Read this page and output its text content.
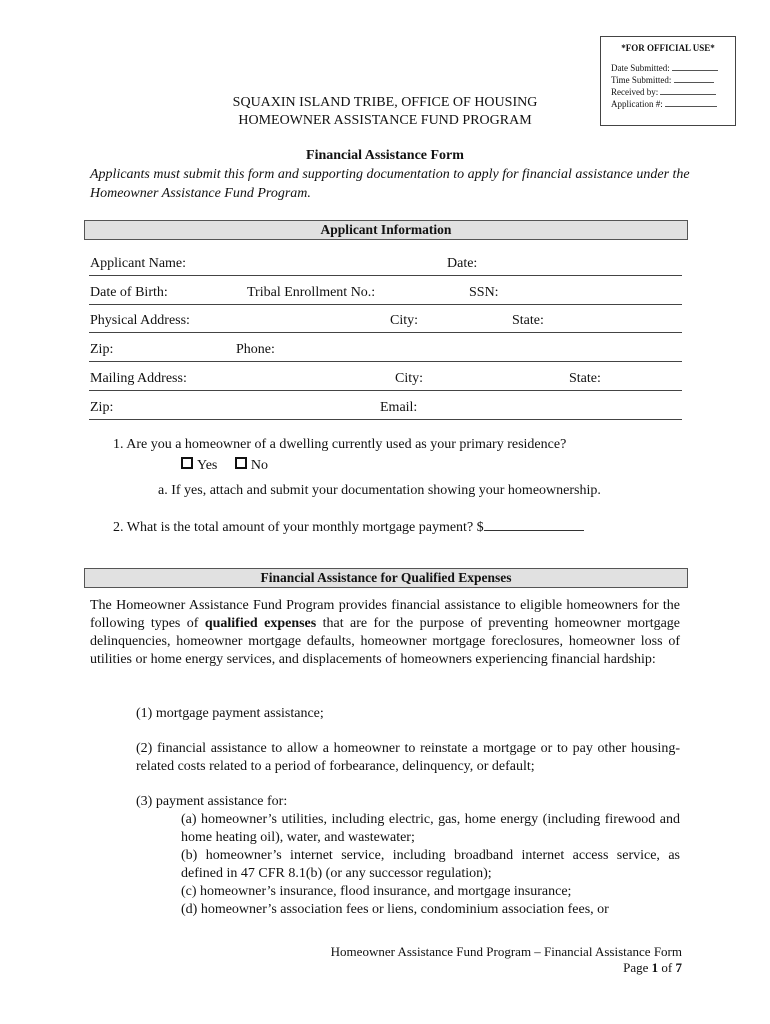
*FOR OFFICIAL USE*
Date Submitted:
Time Submitted:
Received by:
Application #:
SQUAXIN ISLAND TRIBE, OFFICE OF HOUSING
HOMEOWNER ASSISTANCE FUND PROGRAM
Financial Assistance Form
Applicants must submit this form and supporting documentation to apply for financial assistance under the Homeowner Assistance Fund Program.
Applicant Information
Applicant Name:	Date:
Date of Birth:	Tribal Enrollment No.:	SSN:
Physical Address:	City:	State:
Zip:	Phone:
Mailing Address:	City:	State:
Zip:	Email:
1. Are you a homeowner of a dwelling currently used as your primary residence?
Yes No
a. If yes, attach and submit your documentation showing your homeownership.
2. What is the total amount of your monthly mortgage payment? $
Financial Assistance for Qualified Expenses
The Homeowner Assistance Fund Program provides financial assistance to eligible homeowners for the following types of qualified expenses that are for the purpose of preventing homeowner mortgage delinquencies, homeowner mortgage defaults, homeowner mortgage foreclosures, homeowner loss of utilities or home energy services, and displacements of homeowners experiencing financial hardship:
(1) mortgage payment assistance;
(2) financial assistance to allow a homeowner to reinstate a mortgage or to pay other housing-related costs related to a period of forbearance, delinquency, or default;
(3) payment assistance for:
(a) homeowner’s utilities, including electric, gas, home energy (including firewood and home heating oil), water, and wastewater;
(b) homeowner’s internet service, including broadband internet access service, as defined in 47 CFR 8.1(b) (or any successor regulation);
(c) homeowner’s insurance, flood insurance, and mortgage insurance;
(d) homeowner’s association fees or liens, condominium association fees, or
Homeowner Assistance Fund Program – Financial Assistance Form
Page 1 of 7
